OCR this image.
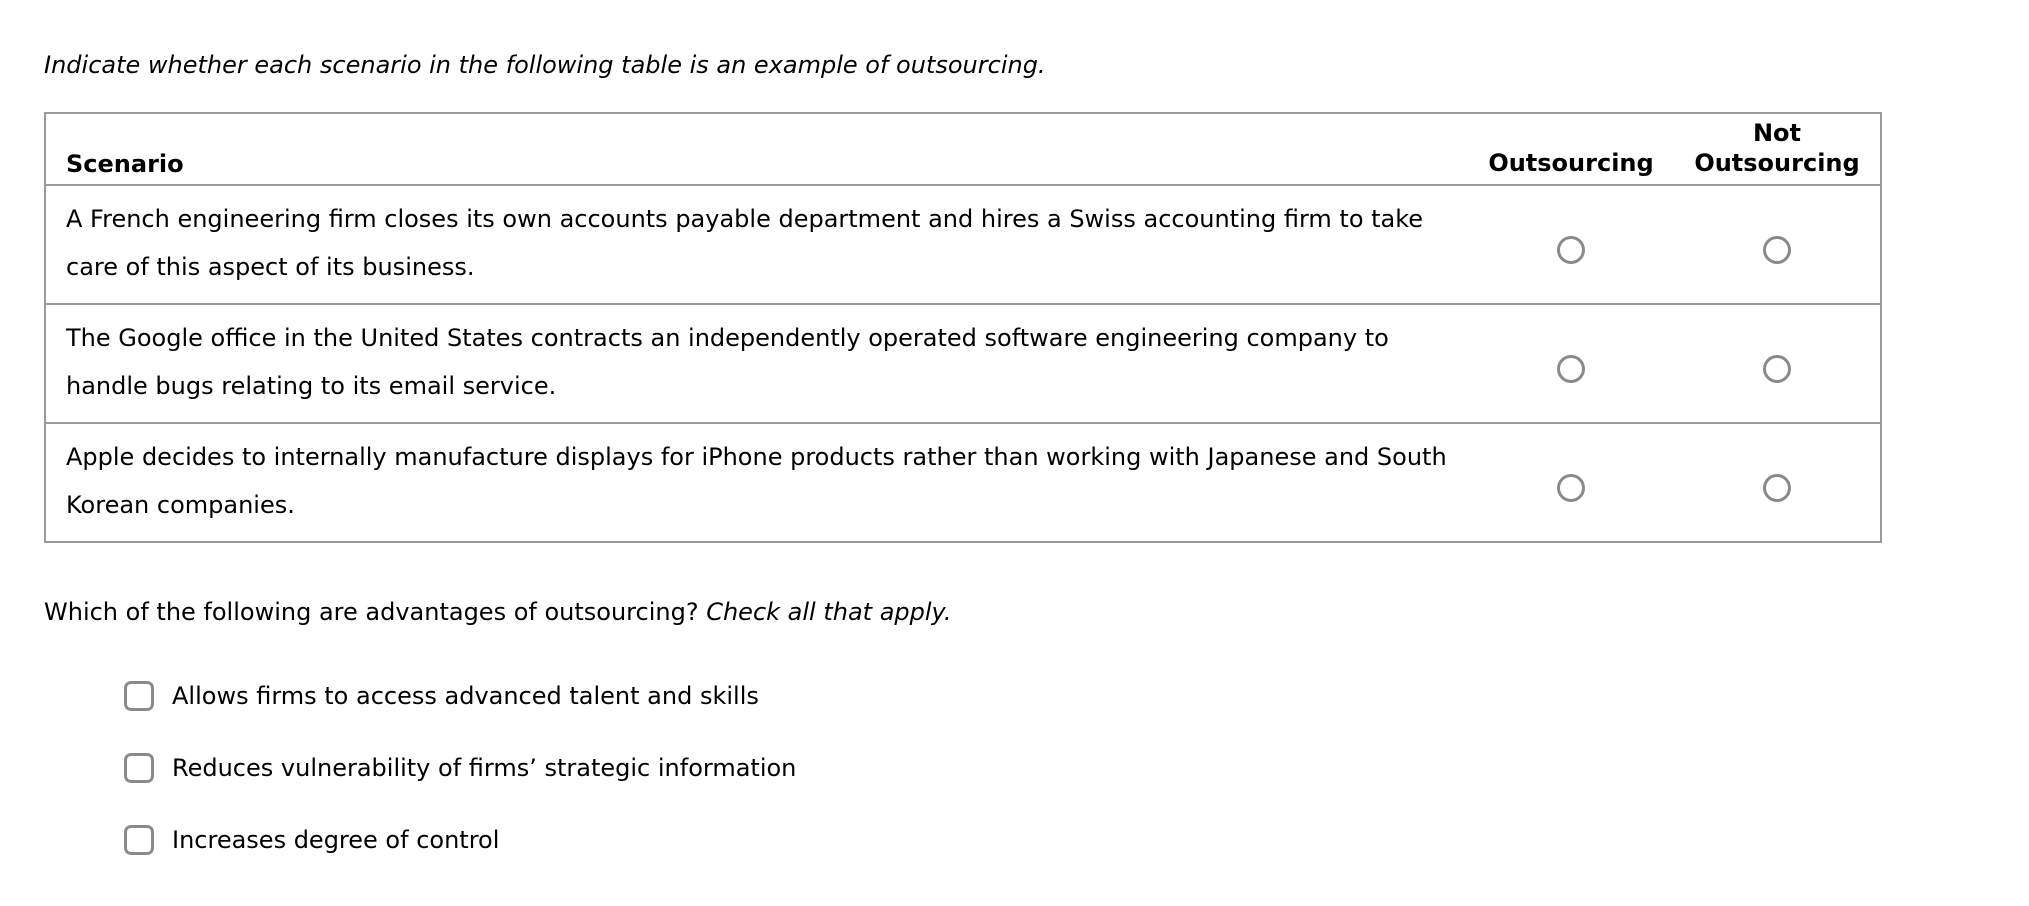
Indicate whether each scenario in the following table is an example of outsourcing.
Scenario	Outsourcing
Not
Outsourcing
A French engineering firm closes its own accounts payable department and hires a Swiss accounting firm to take care of this aspect of its business.
The Google office in the United States contracts an independently operated software engineering company to handle bugs relating to its email service.
Apple decides to internally manufacture displays for iPhone products rather than working with Japanese and South Korean companies.
Which of the following are advantages of outsourcing? Check all that apply.
Allows firms to access advanced talent and skills
Reduces vulnerability of firms’ strategic information
Increases degree of control
